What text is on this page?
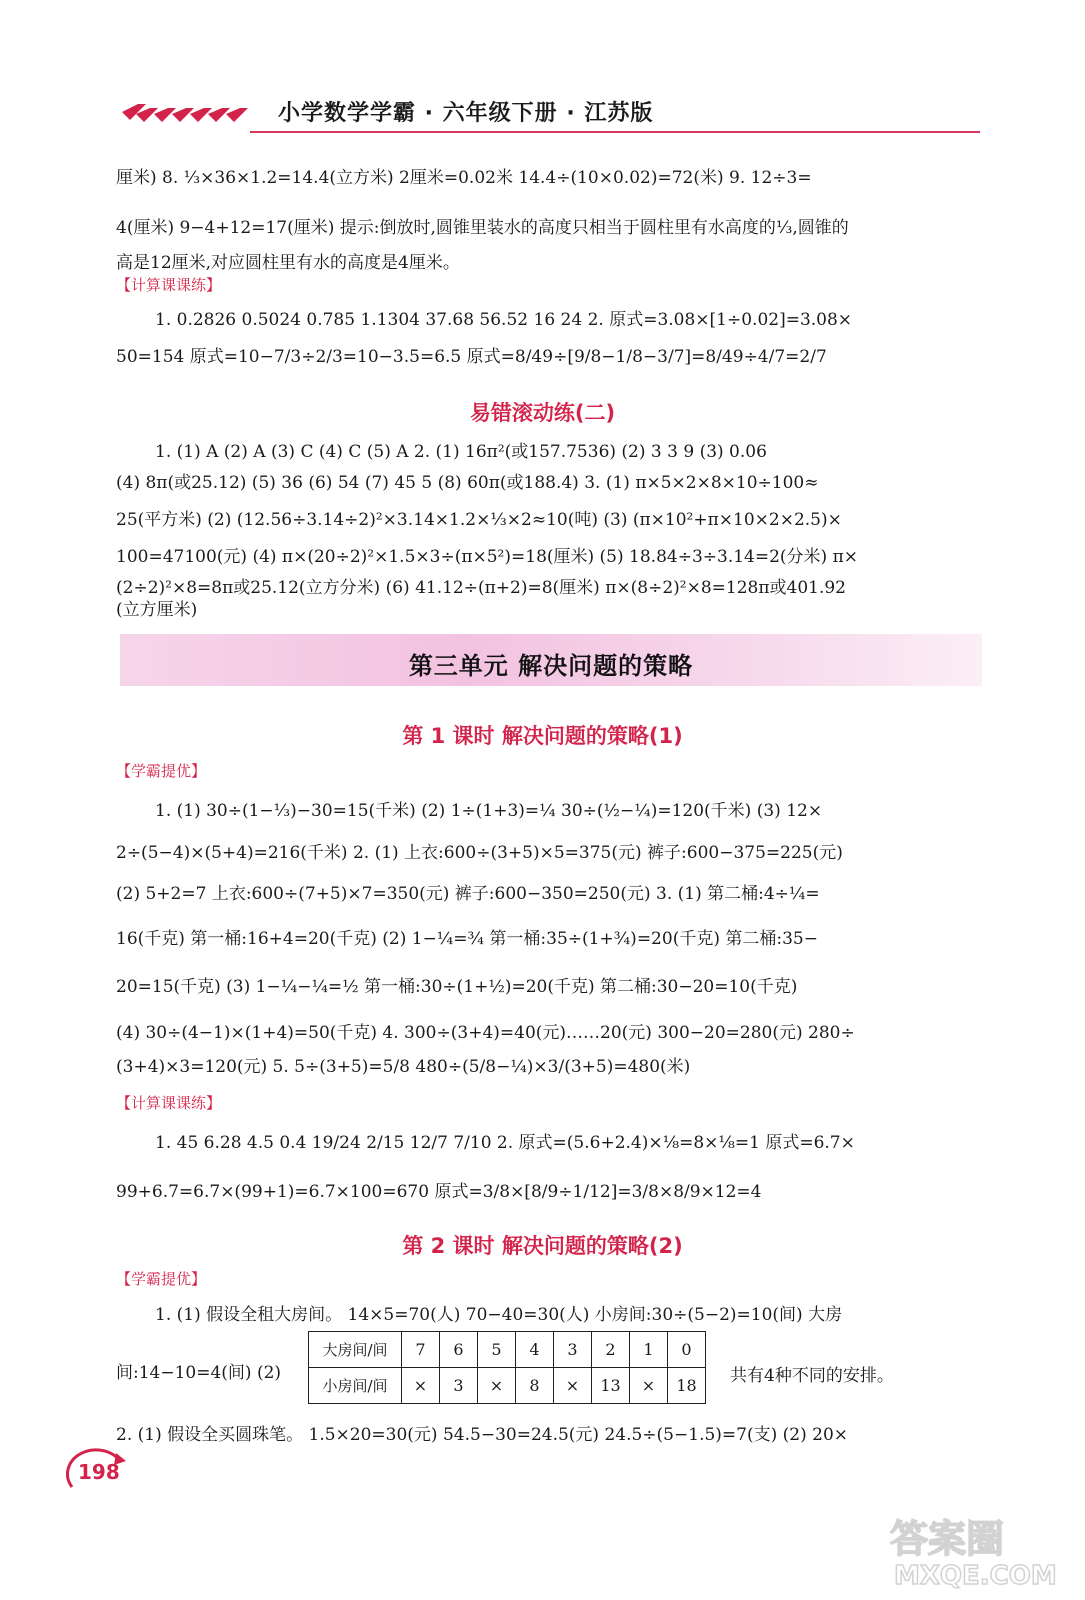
小学数学学霸 · 六年级下册 · 江苏版
厘米) 8. ⅓×36×1.2=14.4(立方米) 2厘米=0.02米 14.4÷(10×0.02)=72(米) 9. 12÷3=
4(厘米) 9−4+12=17(厘米) 提示:倒放时,圆锥里装水的高度只相当于圆柱里有水高度的⅓,圆锥的
高是12厘米,对应圆柱里有水的高度是4厘米。
【计算课课练】
1. 0.2826 0.5024 0.785 1.1304 37.68 56.52 16 24 2. 原式=3.08×[1÷0.02]=3.08×
50=154 原式=10−7/3÷2/3=10−3.5=6.5 原式=8/49÷[9/8−1/8−3/7]=8/49÷4/7=2/7
易错滚动练(二)
1. (1) A (2) A (3) C (4) C (5) A 2. (1) 16π²(或157.7536) (2) 3 3 9 (3) 0.06
(4) 8π(或25.12) (5) 36 (6) 54 (7) 45 5 (8) 60π(或188.4) 3. (1) π×5×2×8×10÷100≈
25(平方米) (2) (12.56÷3.14÷2)²×3.14×1.2×⅓×2≈10(吨) (3) (π×10²+π×10×2×2.5)×
100=47100(元) (4) π×(20÷2)²×1.5×3÷(π×5²)=18(厘米) (5) 18.84÷3÷3.14=2(分米) π×
(2÷2)²×8=8π或25.12(立方分米) (6) 41.12÷(π+2)=8(厘米) π×(8÷2)²×8=128π或401.92
(立方厘米)
第三单元 解决问题的策略
第 1 课时 解决问题的策略(1)
【学霸提优】
1. (1) 30÷(1−⅓)−30=15(千米) (2) 1÷(1+3)=¼ 30÷(½−¼)=120(千米) (3) 12×
2÷(5−4)×(5+4)=216(千米) 2. (1) 上衣:600÷(3+5)×5=375(元) 裤子:600−375=225(元)
(2) 5+2=7 上衣:600÷(7+5)×7=350(元) 裤子:600−350=250(元) 3. (1) 第二桶:4÷¼=
16(千克) 第一桶:16+4=20(千克) (2) 1−¼=¾ 第一桶:35÷(1+¾)=20(千克) 第二桶:35−
20=15(千克) (3) 1−¼−¼=½ 第一桶:30÷(1+½)=20(千克) 第二桶:30−20=10(千克)
(4) 30÷(4−1)×(1+4)=50(千克) 4. 300÷(3+4)=40(元)……20(元) 300−20=280(元) 280÷
(3+4)×3=120(元) 5. 5÷(3+5)=5/8 480÷(5/8−¼)×3/(3+5)=480(米)
【计算课课练】
1. 45 6.28 4.5 0.4 19/24 2/15 12/7 7/10 2. 原式=(5.6+2.4)×⅛=8×⅛=1 原式=6.7×
99+6.7=6.7×(99+1)=6.7×100=670 原式=3/8×[8/9÷1/12]=3/8×8/9×12=4
第 2 课时 解决问题的策略(2)
【学霸提优】
1. (1) 假设全租大房间。 14×5=70(人) 70−40=30(人) 小房间:30÷(5−2)=10(间) 大房
间:14−10=4(间) (2)
大房间/间	7	6	5	4	3	2	1	0
小房间/间	×	3	×	8	×	13	×	18 共有4种不同的安排。
2. (1) 假设全买圆珠笔。 1.5×20=30(元) 54.5−30=24.5(元) 24.5÷(5−1.5)=7(支) (2) 20×
198
答案圈
MXQE.COM
